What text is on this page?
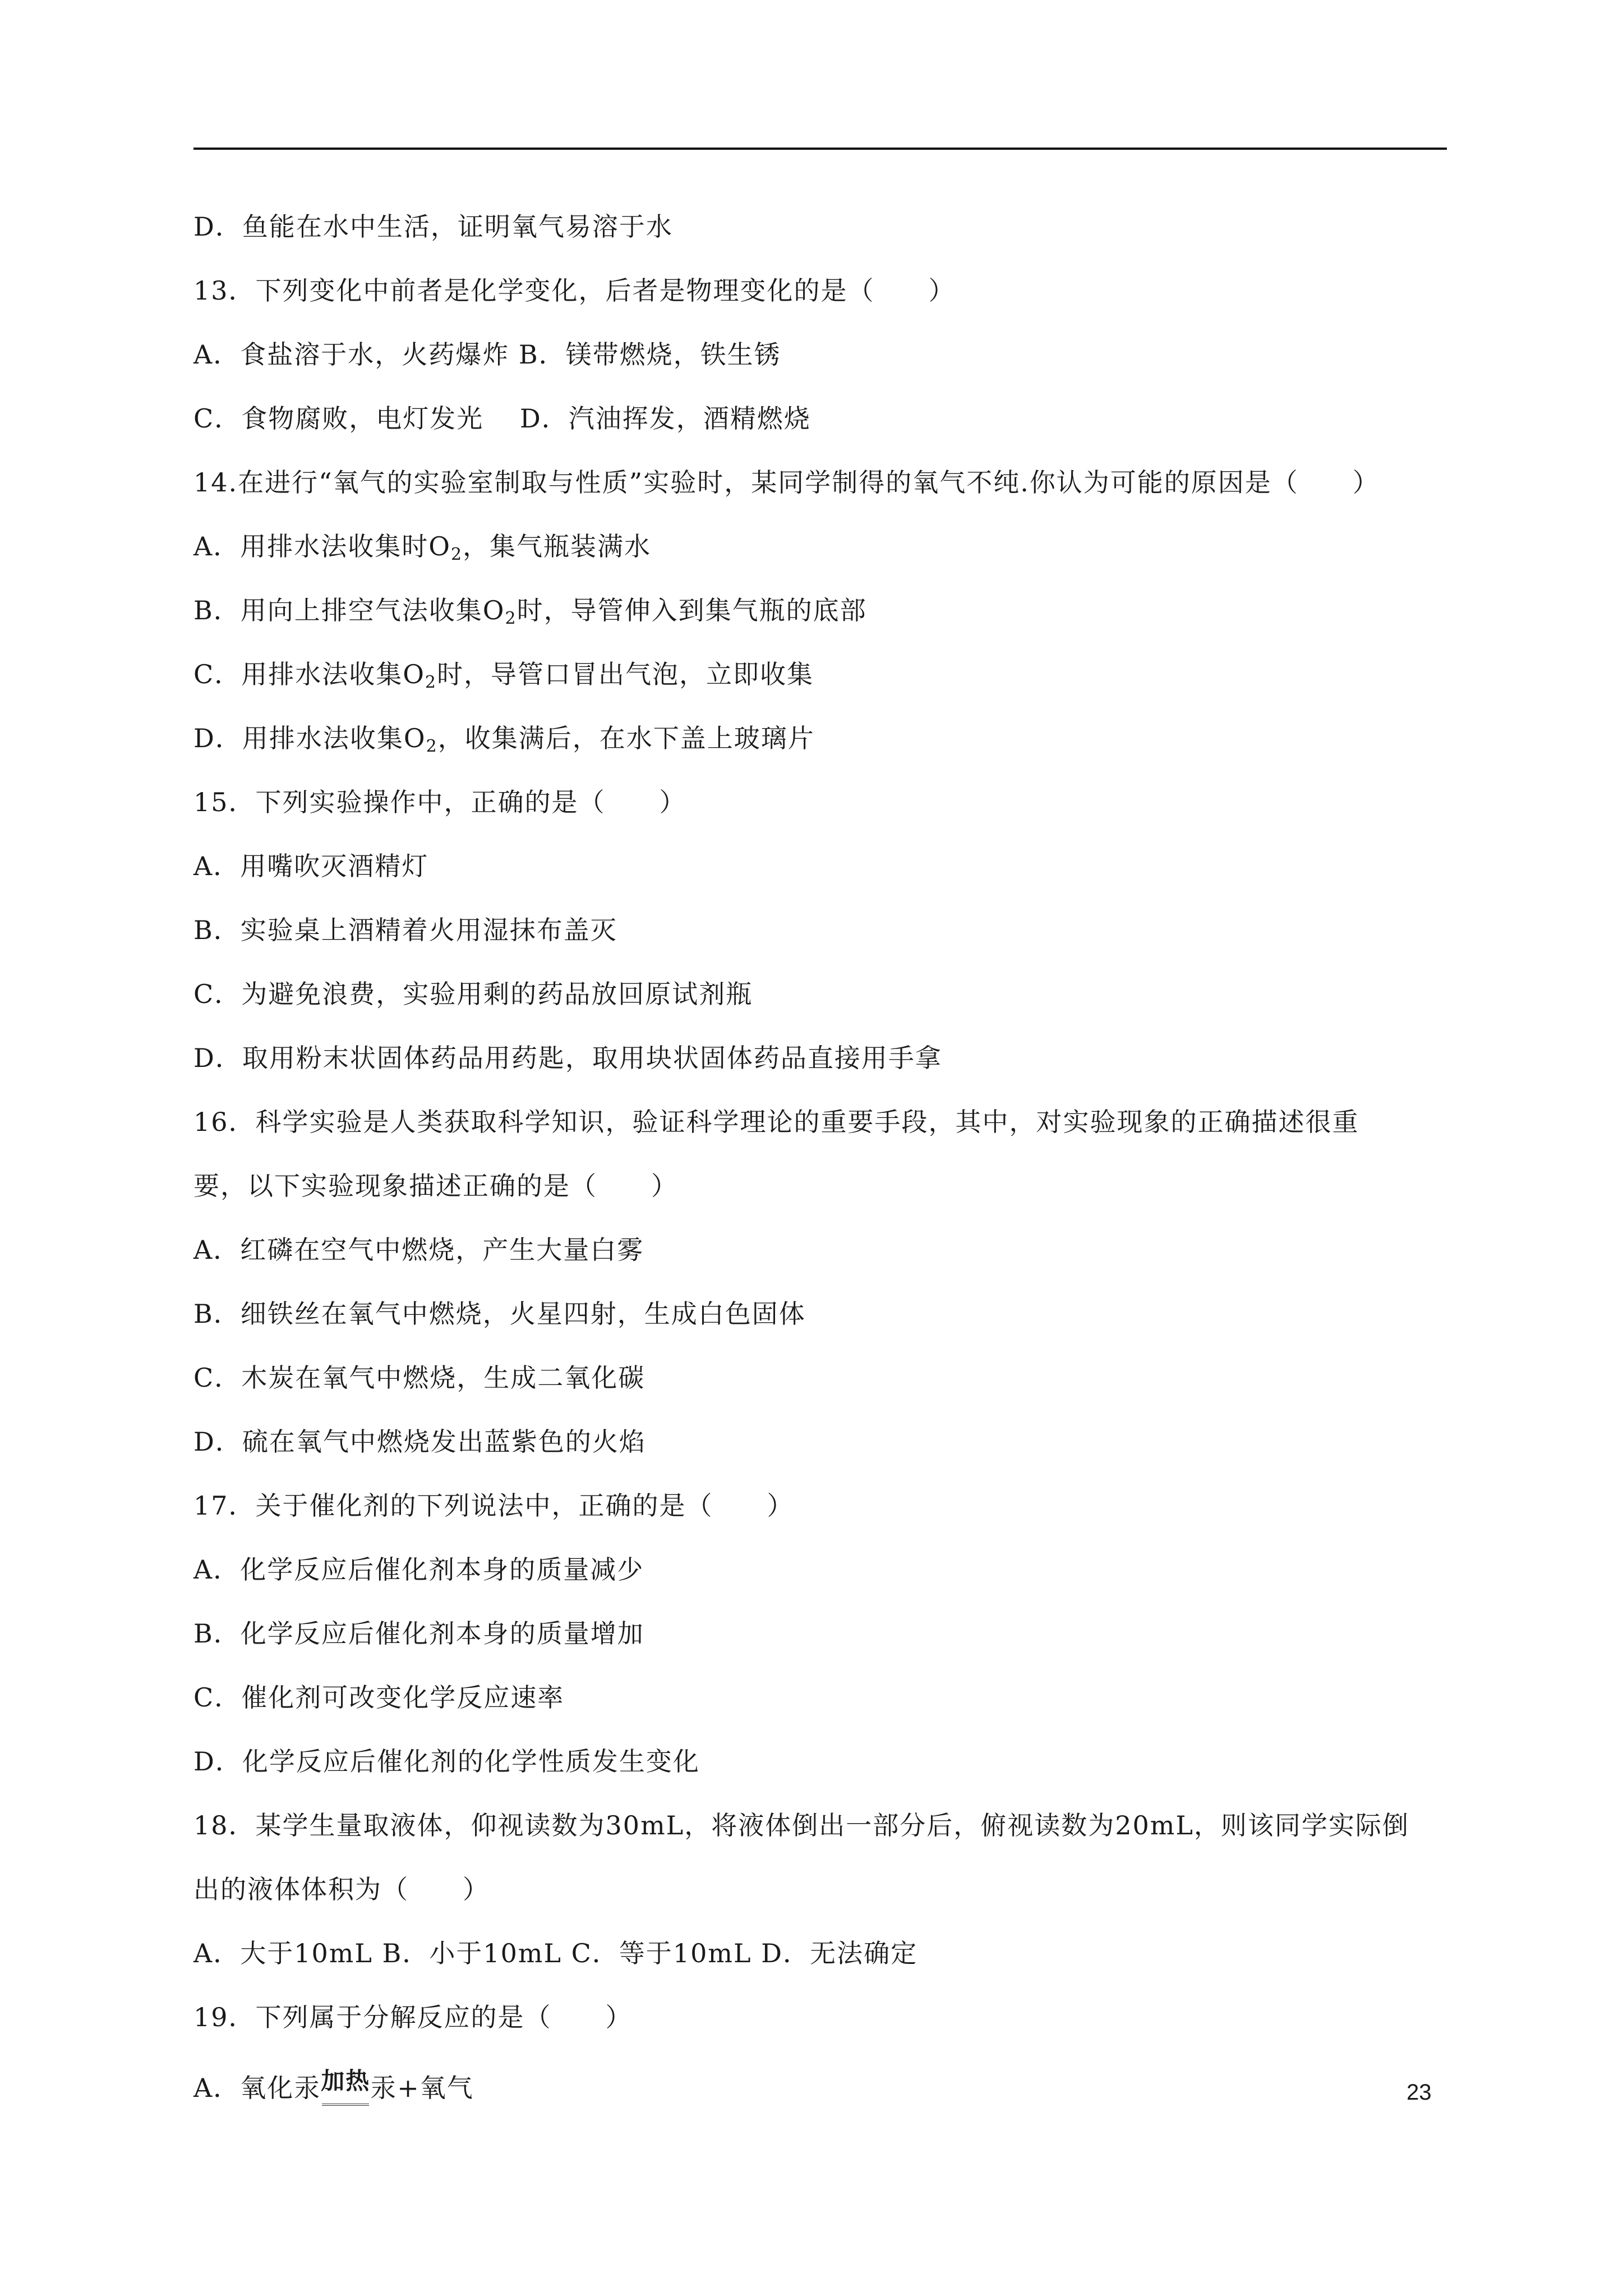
D．鱼能在水中生活，证明氧气易溶于水
13．下列变化中前者是化学变化，后者是物理变化的是（　　）
A．食盐溶于水，火药爆炸 B．镁带燃烧，铁生锈
C．食物腐败，电灯发光　 D．汽油挥发，酒精燃烧
14.在进行“氧气的实验室制取与性质”实验时，某同学制得的氧气不纯.你认为可能的原因是（　　）
A．用排水法收集时$O_2$，集气瓶装满水
B．用向上排空气法收集$O_2$时，导管伸入到集气瓶的底部
C．用排水法收集$O_2$时，导管口冒出气泡，立即收集
D．用排水法收集$O_2$，收集满后，在水下盖上玻璃片
15．下列实验操作中，正确的是（　　）
A．用嘴吹灭酒精灯
B．实验桌上酒精着火用湿抹布盖灭
C．为避免浪费，实验用剩的药品放回原试剂瓶
D．取用粉末状固体药品用药匙，取用块状固体药品直接用手拿
16．科学实验是人类获取科学知识，验证科学理论的重要手段，其中，对实验现象的正确描述很重
要，以下实验现象描述正确的是（　　）
A．红磷在空气中燃烧，产生大量白雾
B．细铁丝在氧气中燃烧，火星四射，生成白色固体
C．木炭在氧气中燃烧，生成二氧化碳
D．硫在氧气中燃烧发出蓝紫色的火焰
17．关于催化剂的下列说法中，正确的是（　　）
A．化学反应后催化剂本身的质量减少
B．化学反应后催化剂本身的质量增加
C．催化剂可改变化学反应速率
D．化学反应后催化剂的化学性质发生变化
18．某学生量取液体，仰视读数为30mL，将液体倒出一部分后，俯视读数为20mL，则该同学实际倒
出的液体体积为（　　）
A．大于10mL B．小于10mL C．等于10mL D．无法确定
19．下列属于分解反应的是（　　）
A．氧化汞加热汞+氧气	23
